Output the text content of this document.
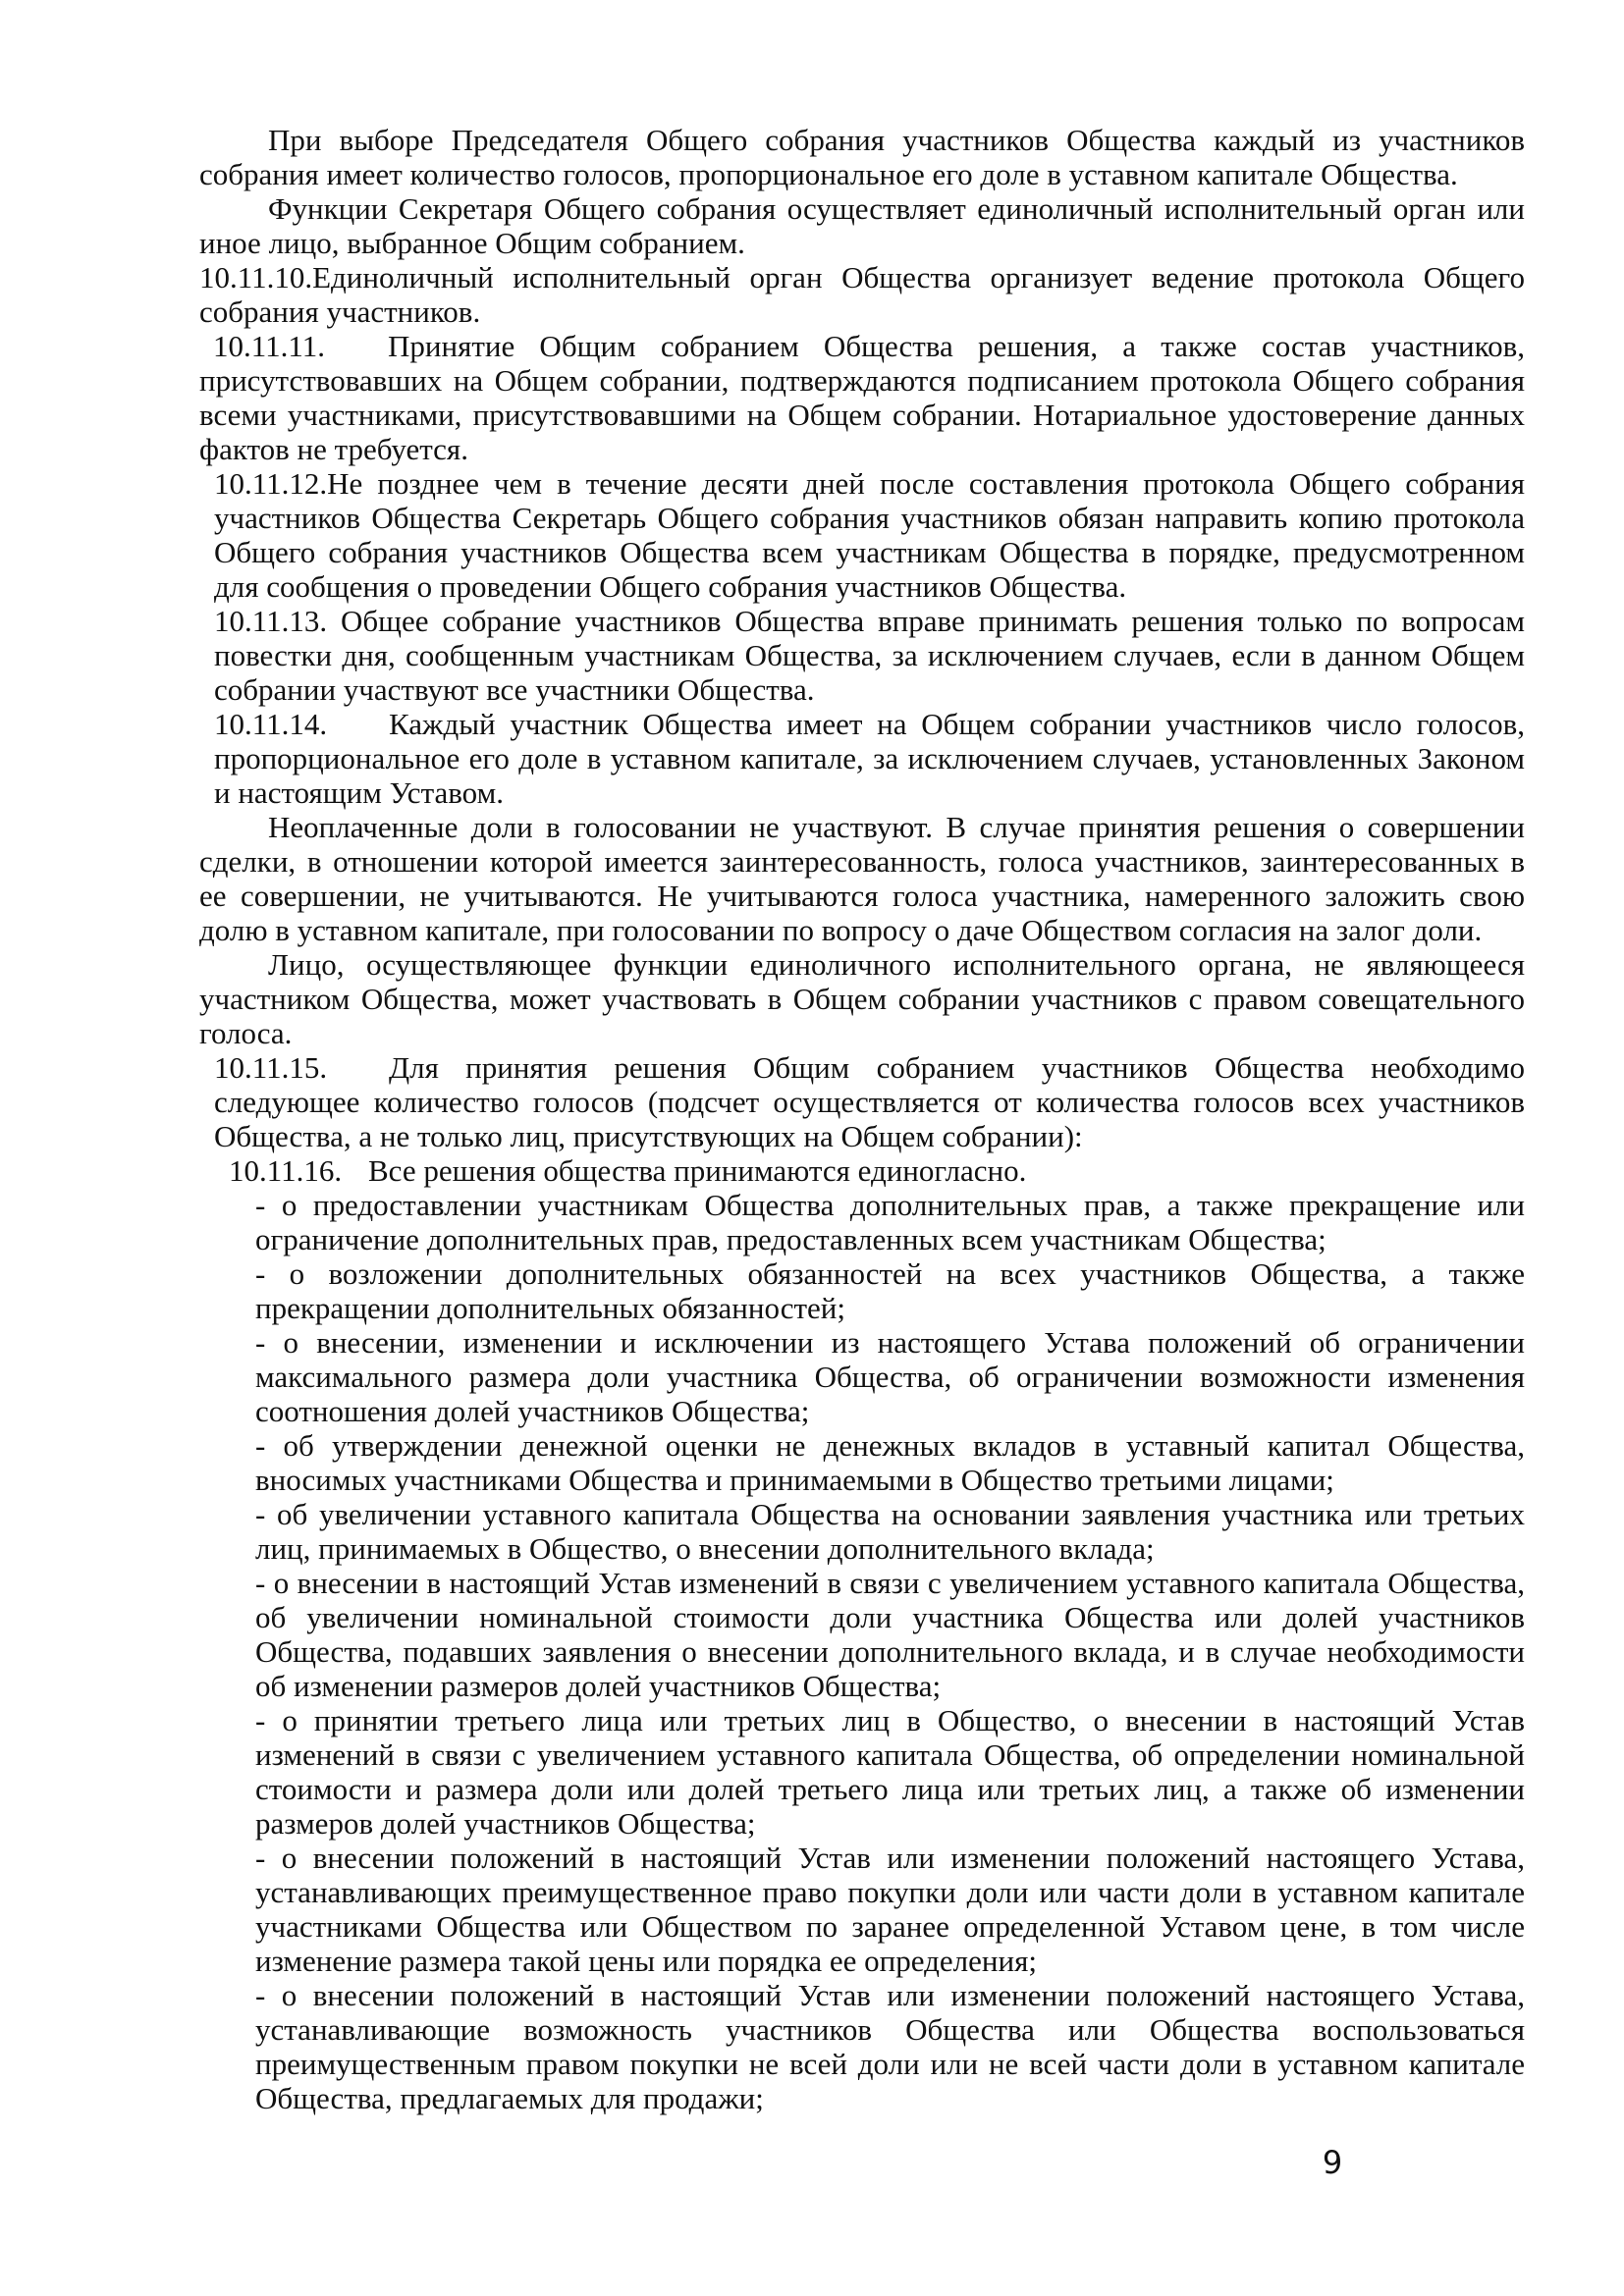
При выборе Председателя Общего собрания участников Общества каждый из участников собрания имеет количество голосов, пропорциональное его доле в уставном капитале Общества.

Функции Секретаря Общего собрания осуществляет единоличный исполнительный орган или иное лицо, выбранное Общим собранием.

10.11.10.Единоличный исполнительный орган Общества организует ведение протокола Общего собрания участников.

10.11.11. Принятие Общим собранием Общества решения, а также состав участников, присутствовавших на Общем собрании, подтверждаются подписанием протокола Общего собрания всеми участниками, присутствовавшими на Общем собрании. Нотариальное удостоверение данных фактов не требуется.

10.11.12.Не позднее чем в течение десяти дней после составления протокола Общего собрания участников Общества Секретарь Общего собрания участников обязан направить копию протокола Общего собрания участников Общества всем участникам Общества в порядке, предусмотренном для сообщения о проведении Общего собрания участников Общества.

10.11.13. Общее собрание участников Общества вправе принимать решения только по вопросам повестки дня, сообщенным участникам Общества, за исключением случаев, если в данном Общем собрании участвуют все участники Общества.

10.11.14. Каждый участник Общества имеет на Общем собрании участников число голосов, пропорциональное его доле в уставном капитале, за исключением случаев, установленных Законом и настоящим Уставом.

Неоплаченные доли в голосовании не участвуют. В случае принятия решения о совершении сделки, в отношении которой имеется заинтересованность, голоса участников, заинтересованных в ее совершении, не учитываются. Не учитываются голоса участника, намеренного заложить свою долю в уставном капитале, при голосовании по вопросу о даче Обществом согласия на залог доли.

Лицо, осуществляющее функции единоличного исполнительного органа, не являющееся участником Общества, может участвовать в Общем собрании участников с правом совещательного голоса.

10.11.15. Для принятия решения Общим собранием участников Общества необходимо следующее количество голосов (подсчет осуществляется от количества голосов всех участников Общества, а не только лиц, присутствующих на Общем собрании):

10.11.16. Все решения общества принимаются единогласно.

- о предоставлении участникам Общества дополнительных прав, а также прекращение или ограничение дополнительных прав, предоставленных всем участникам Общества;

- о возложении дополнительных обязанностей на всех участников Общества, а также прекращении дополнительных обязанностей;

- о внесении, изменении и исключении из настоящего Устава положений об ограничении максимального размера доли участника Общества, об ограничении возможности изменения соотношения долей участников Общества;

- об утверждении денежной оценки не денежных вкладов в уставный капитал Общества, вносимых участниками Общества и принимаемыми в Общество третьими лицами;

- об увеличении уставного капитала Общества на основании заявления участника или третьих лиц, принимаемых в Общество, о внесении дополнительного вклада;

- о внесении в настоящий Устав изменений в связи с увеличением уставного капитала Общества, об увеличении номинальной стоимости доли участника Общества или долей участников Общества, подавших заявления о внесении дополнительного вклада, и в случае необходимости об изменении размеров долей участников Общества;

- о принятии третьего лица или третьих лиц в Общество, о внесении в настоящий Устав изменений в связи с увеличением уставного капитала Общества, об определении номинальной стоимости и размера доли или долей третьего лица или третьих лиц, а также об изменении размеров долей участников Общества;

- о внесении положений в настоящий Устав или изменении положений настоящего Устава, устанавливающих преимущественное право покупки доли или части доли в уставном капитале участниками Общества или Обществом по заранее определенной Уставом цене, в том числе изменение размера такой цены или порядка ее определения;

- о внесении положений в настоящий Устав или изменении положений настоящего Устава, устанавливающие возможность участников Общества или Общества воспользоваться преимущественным правом покупки не всей доли или не всей части доли в уставном капитале Общества, предлагаемых для продажи;

9
